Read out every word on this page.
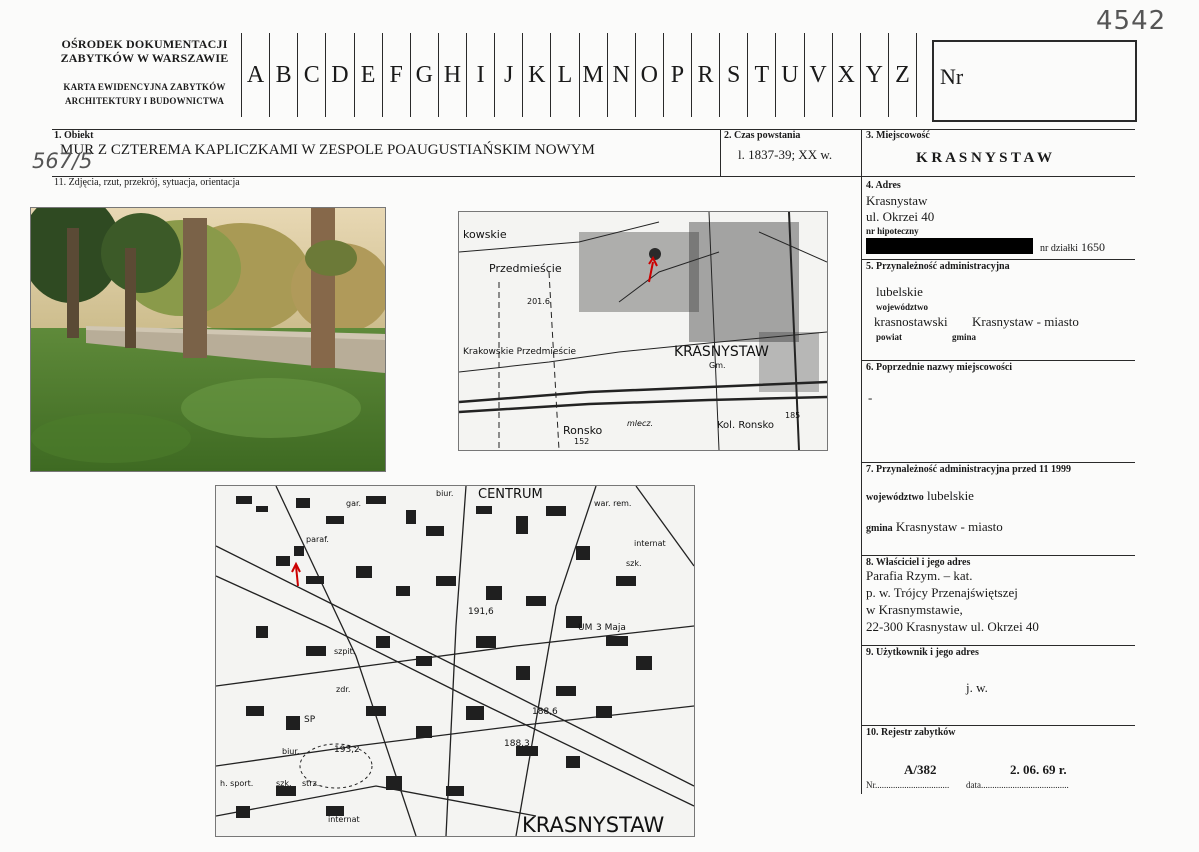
4542
OŚRODEK DOKUMENTACJI
ZABYTKÓW W WARSZAWIE
KARTA EWIDENCYJNA ZABYTKÓW
ARCHITEKTURY I BUDOWNICTWA
A B C D E F G H I J K L M N O P R S T U V X Y Z	Nr
1. Obiekt
MUR Z CZTEREMA KAPLICZKAMI W ZESPOLE POAUGUSTIAŃSKIM NOWYM
567/5
2. Czas powstania
l. 1837-39; XX w.
3. Miejscowość
K R A S N Y S T A W
11. Zdjęcia, rzut, przekrój, sytuacja, orientacja	4. Adres
Krasnystaw
ul. Okrzei 40
nr hipoteczny
nr działki 1650
5. Przynależność administracyjna
lubelskie
województwo
krasnostawski Krasnystaw - miasto
powiat	gmina
6. Poprzednie nazwy miejscowości
-
7. Przynależność administracyjna przed 11 1999
województwo lubelskie
gmina Krasnystaw - miasto
8. Właściciel i jego adres
Parafia Rzym. – kat.
p. w. Trójcy Przenajświętszej
w Krasnymstawie,
22-300 Krasnystaw ul. Okrzei 40
9. Użytkownik i jego adres
j. w.
10. Rejestr zabytków
A/382	2. 06. 69 r.
Nr................................. data.......................................
kowskie
Przedmieście
201.6
Krakowskie Przedmieście	KRASNYSTAW
Gm.
Ronsko
152
mlecz.	Kol. Ronsko
185
CENTRUM
war. rem.
gar.
biur.
internat
paraf.
szk.
191,6
UM 3 Maja
szpit.
zdr.
193,2
SP
biur.
188,6
188,3
h. sport.	szk. strz.
internat	KRASNYSTAW
